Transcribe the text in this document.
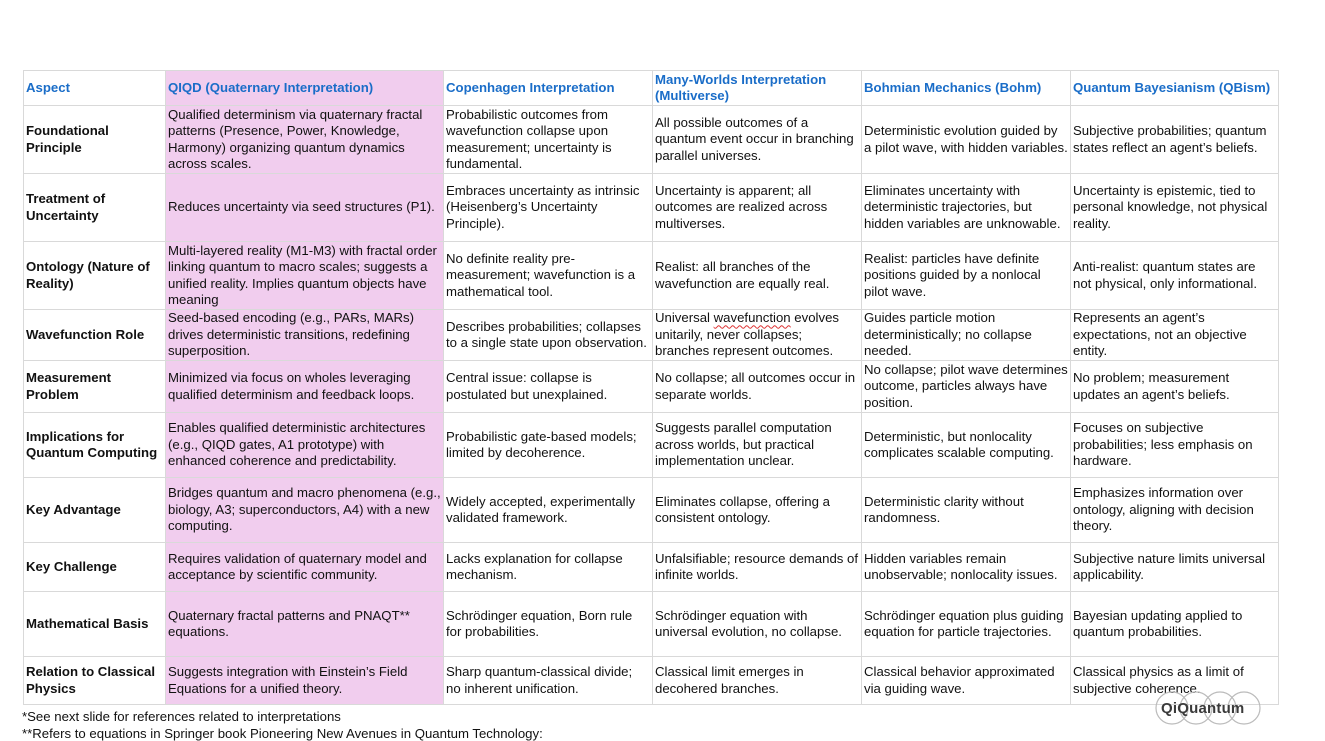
Aspect	QIQD (Quaternary Interpretation)	Copenhagen Interpretation	Many-Worlds Interpretation (Multiverse)	Bohmian Mechanics (Bohm)	Quantum Bayesianism (QBism)
Foundational Principle	Qualified determinism via quaternary fractal patterns (Presence, Power, Knowledge, Harmony) organizing quantum dynamics across scales.	Probabilistic outcomes from wavefunction collapse upon measurement; uncertainty is fundamental.	All possible outcomes of a quantum event occur in branching parallel universes.	Deterministic evolution guided by a pilot wave, with hidden variables.	Subjective probabilities; quantum states reflect an agent’s beliefs.
Treatment of Uncertainty	Reduces uncertainty via seed structures (P1).	Embraces uncertainty as intrinsic (Heisenberg’s Uncertainty Principle).	Uncertainty is apparent; all outcomes are realized across multiverses.	Eliminates uncertainty with deterministic trajectories, but hidden variables are unknowable.	Uncertainty is epistemic, tied to personal knowledge, not physical reality.
Ontology (Nature of Reality)	Multi-layered reality (M1-M3) with fractal order linking quantum to macro scales; suggests a unified reality. Implies quantum objects have meaning	No definite reality pre-measurement; wavefunction is a mathematical tool.	Realist: all branches of the wavefunction are equally real.	Realist: particles have definite positions guided by a nonlocal pilot wave.	Anti-realist: quantum states are not physical, only informational.
Wavefunction Role	Seed-based encoding (e.g., PARs, MARs) drives deterministic transitions, redefining superposition.	Describes probabilities; collapses to a single state upon observation.	Universal wavefunction evolves unitarily, never collapses; branches represent outcomes.	Guides particle motion deterministically; no collapse needed.	Represents an agent’s expectations, not an objective entity.
Measurement Problem	Minimized via focus on wholes leveraging qualified determinism and feedback loops.	Central issue: collapse is postulated but unexplained.	No collapse; all outcomes occur in separate worlds.	No collapse; pilot wave determines outcome, particles always have position.	No problem; measurement updates an agent’s beliefs.
Implications for Quantum Computing	Enables qualified deterministic architectures (e.g., QIQD gates, A1 prototype) with enhanced coherence and predictability.	Probabilistic gate-based models; limited by decoherence.	Suggests parallel computation across worlds, but practical implementation unclear.	Deterministic, but nonlocality complicates scalable computing.	Focuses on subjective probabilities; less emphasis on hardware.
Key Advantage	Bridges quantum and macro phenomena (e.g., biology, A3; superconductors, A4) with a new computing.	Widely accepted, experimentally validated framework.	Eliminates collapse, offering a consistent ontology.	Deterministic clarity without randomness.	Emphasizes information over ontology, aligning with decision theory.
Key Challenge	Requires validation of quaternary model and acceptance by scientific community.	Lacks explanation for collapse mechanism.	Unfalsifiable; resource demands of infinite worlds.	Hidden variables remain unobservable; nonlocality issues.	Subjective nature limits universal applicability.
Mathematical Basis	Quaternary fractal patterns and PNAQT** equations.	Schrödinger equation, Born rule for probabilities.	Schrödinger equation with universal evolution, no collapse.	Schrödinger equation plus guiding equation for particle trajectories.	Bayesian updating applied to quantum probabilities.
Relation to Classical Physics	Suggests integration with Einstein’s Field Equations for a unified theory.	Sharp quantum-classical divide; no inherent unification.	Classical limit emerges in decohered branches.	Classical behavior approximated via guiding wave.	Classical physics as a limit of subjective coherence.
*See next slide for references related to interpretations
**Refers to equations in Springer book Pioneering New Avenues in Quantum Technology:
QiQuantum
